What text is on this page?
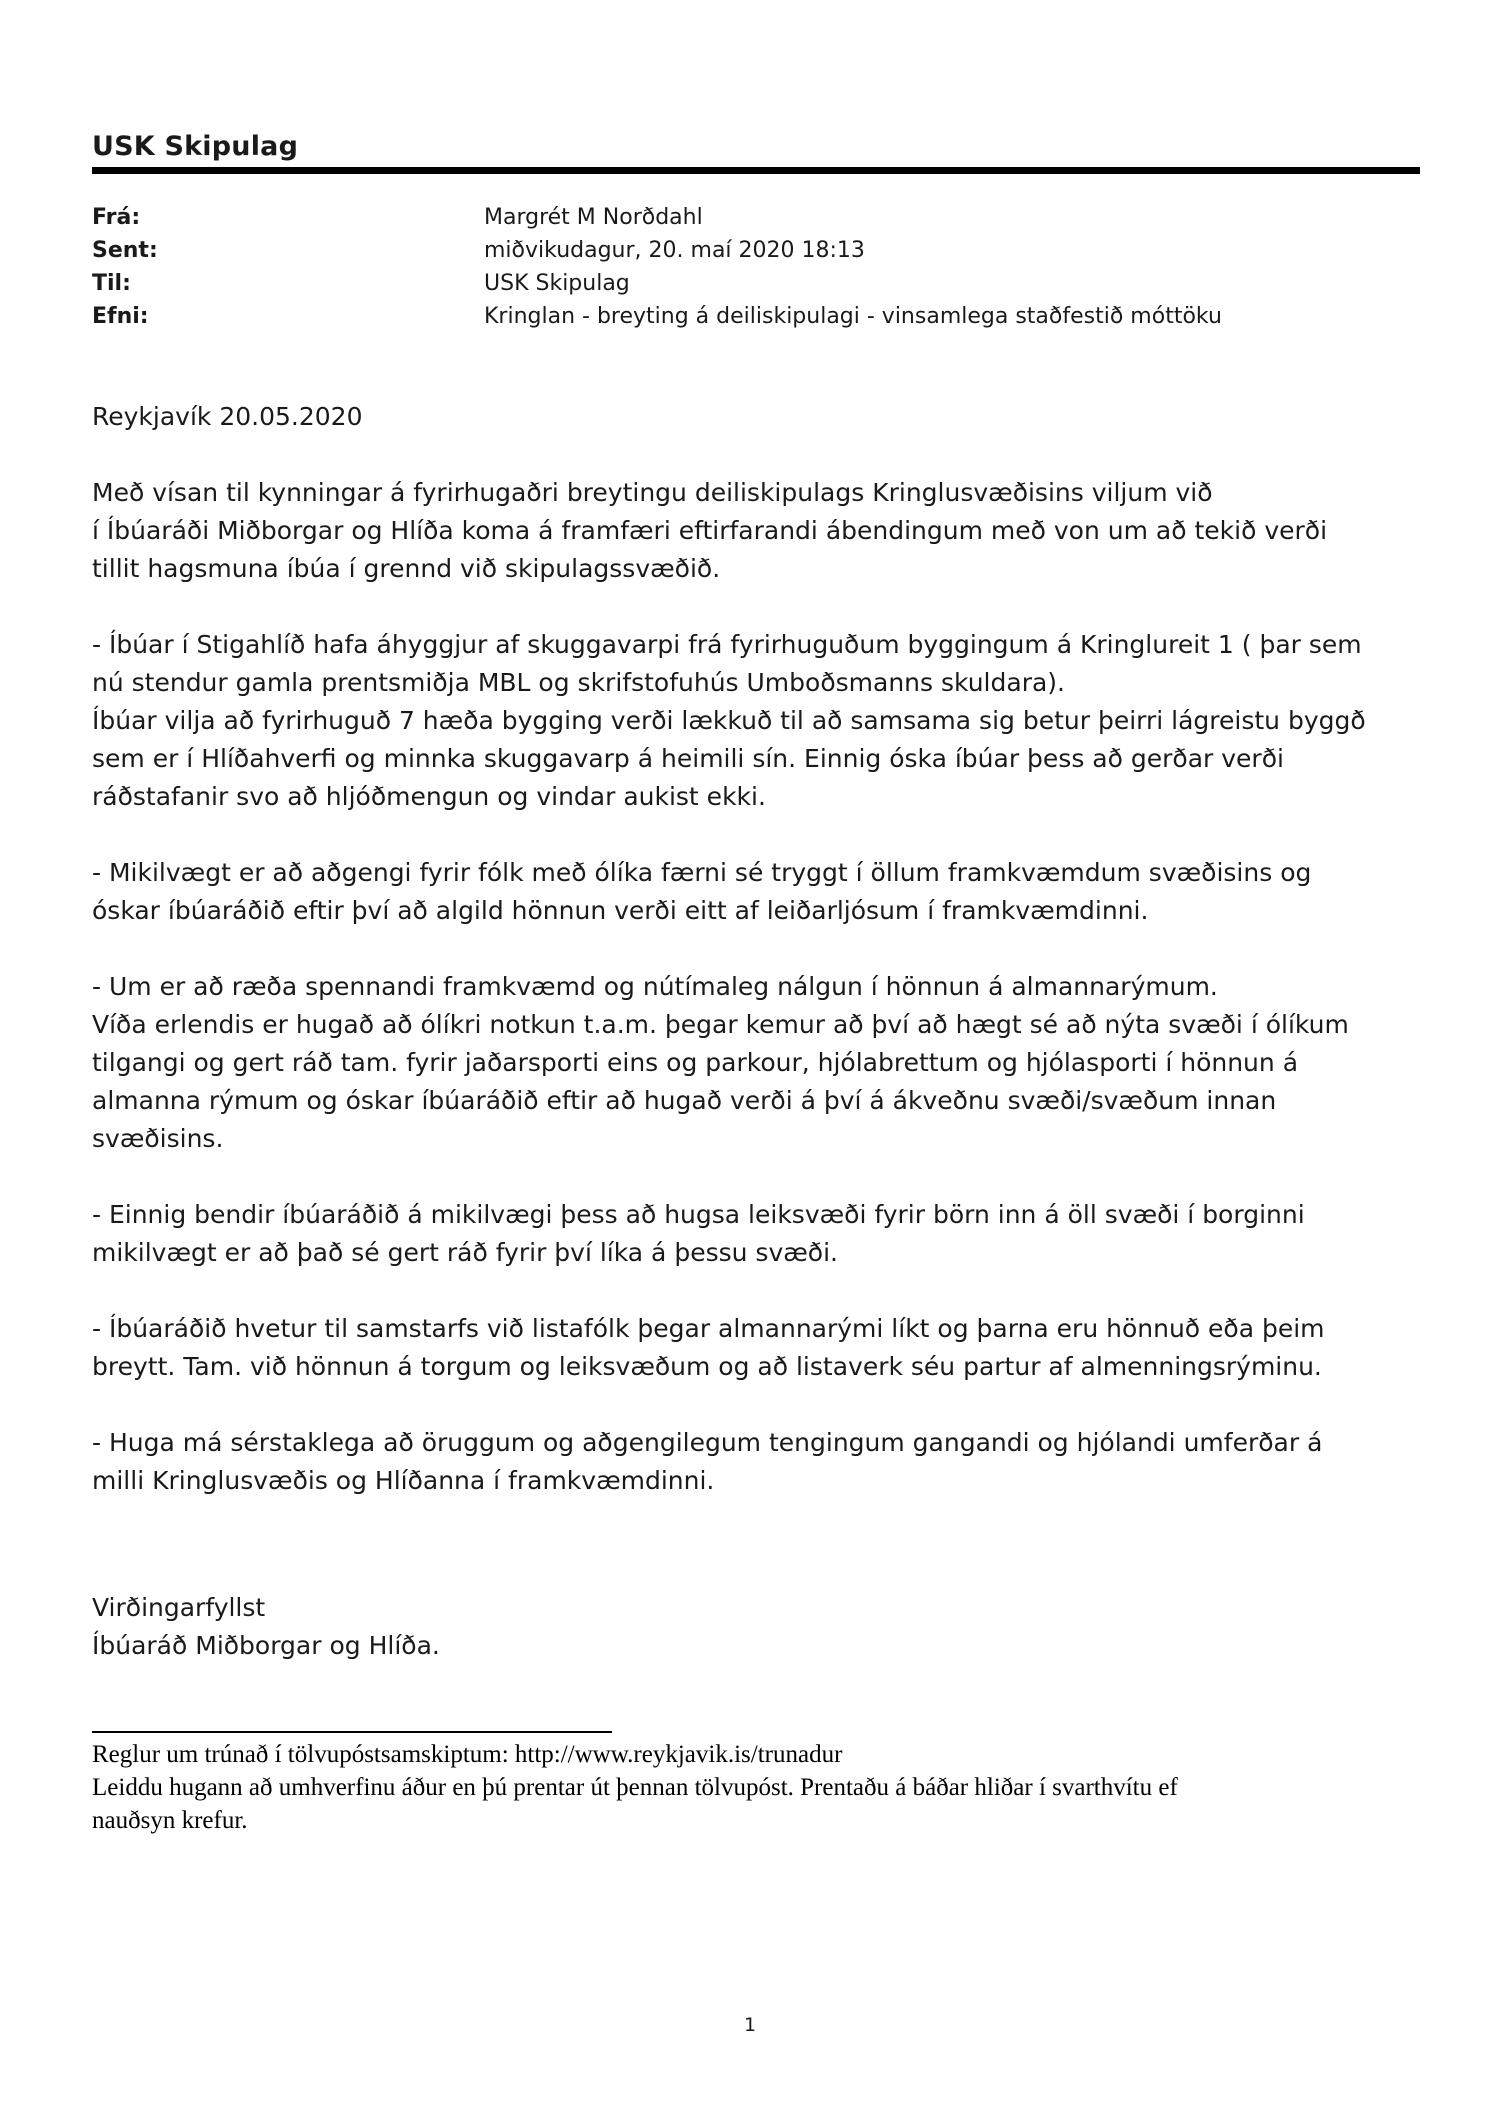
USK Skipulag
Frá:	Margrét M Norðdahl
Sent:	miðvikudagur, 20. maí 2020 18:13
Til:	USK Skipulag
Efni:	Kringlan - breyting á deiliskipulagi - vinsamlega staðfestið móttöku

Reykjavík 20.05.2020

Með vísan til kynningar á fyrirhugaðri breytingu deiliskipulags Kringlusvæðisins viljum við
í Íbúaráði Miðborgar og Hlíða koma á framfæri eftirfarandi ábendingum með von um að tekið verði
tillit hagsmuna íbúa í grennd við skipulagssvæðið.

- Íbúar í Stigahlíð hafa áhyggjur af skuggavarpi frá fyrirhuguðum byggingum á Kringlureit 1 ( þar sem
nú stendur gamla prentsmiðja MBL og skrifstofuhús Umboðsmanns skuldara).
Íbúar vilja að fyrirhuguð 7 hæða bygging verði lækkuð til að samsama sig betur þeirri lágreistu byggð
sem er í Hlíðahverfi og minnka skuggavarp á heimili sín. Einnig óska íbúar þess að gerðar verði
ráðstafanir svo að hljóðmengun og vindar aukist ekki.

- Mikilvægt er að aðgengi fyrir fólk með ólíka færni sé tryggt í öllum framkvæmdum svæðisins og
óskar íbúaráðið eftir því að algild hönnun verði eitt af leiðarljósum í framkvæmdinni.

- Um er að ræða spennandi framkvæmd og nútímaleg nálgun í hönnun á almannarýmum.
Víða erlendis er hugað að ólíkri notkun t.a.m. þegar kemur að því að hægt sé að nýta svæði í ólíkum
tilgangi og gert ráð tam. fyrir jaðarsporti eins og parkour, hjólabrettum og hjólasporti í hönnun á
almanna rýmum og óskar íbúaráðið eftir að hugað verði á því á ákveðnu svæði/svæðum innan
svæðisins.

- Einnig bendir íbúaráðið á mikilvægi þess að hugsa leiksvæði fyrir börn inn á öll svæði í borginni
mikilvægt er að það sé gert ráð fyrir því líka á þessu svæði.

- Íbúaráðið hvetur til samstarfs við listafólk þegar almannarými líkt og þarna eru hönnuð eða þeim
breytt. Tam. við hönnun á torgum og leiksvæðum og að listaverk séu partur af almenningsrýminu.

- Huga má sérstaklega að öruggum og aðgengilegum tengingum gangandi og hjólandi umferðar á
milli Kringlusvæðis og Hlíðanna í framkvæmdinni.

Virðingarfyllst

Íbúaráð Miðborgar og Hlíða.

Reglur um trúnað í tölvupóstsamskiptum: http://www.reykjavik.is/trunadur

Leiddu hugann að umhverfinu áður en þú prentar út þennan tölvupóst. Prentaðu á báðar hliðar í svarthvítu ef
nauðsyn krefur.

1
